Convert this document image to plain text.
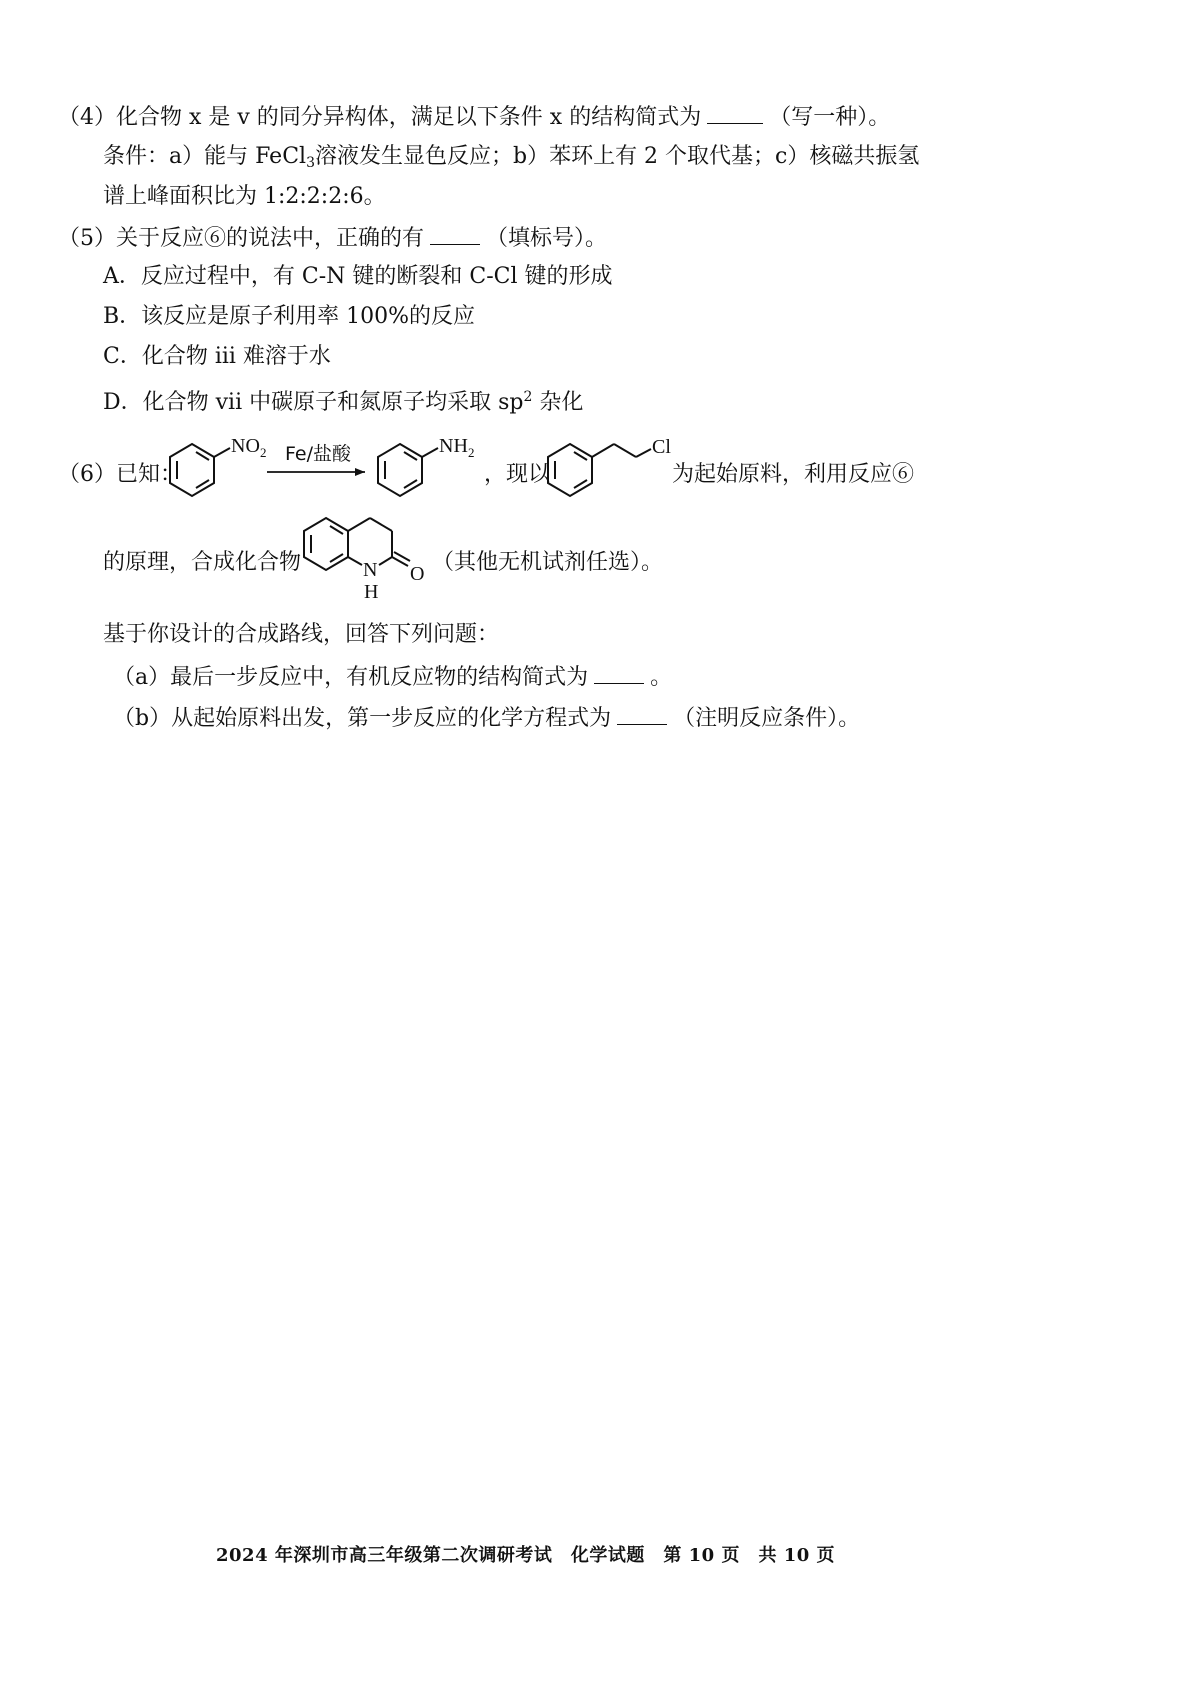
（4）化合物 x 是 v 的同分异构体，满足以下条件 x 的结构简式为	（写一种）。
条件：a）能与 FeCl$_3$溶液发生显色反应；b）苯环上有 2 个取代基；c）核磁共振氢
谱上峰面积比为 1:2:2:2:6。
（5）关于反应⑥的说法中，正确的有	（填标号）。
A．反应过程中，有 C-N 键的断裂和 C-Cl 键的形成
B．该反应是原子利用率 100%的反应
C．化合物 iii 难溶于水
D．化合物 vii 中碳原子和氮原子均采取 $sp^2$ 杂化
（6）已知：
NO 2 Fe/盐酸	NH 2
，现以
Cl
为起始原料，利用反应⑥
的原理，合成化合物	N
H
O （其他无机试剂任选）。
基于你设计的合成路线，回答下列问题：
（a）最后一步反应中，有机反应物的结构简式为	。
（b）从起始原料出发，第一步反应的化学方程式为	（注明反应条件）。
2024 年深圳市高三年级第二次调研考试　化学试题　第 10 页　共 10 页
